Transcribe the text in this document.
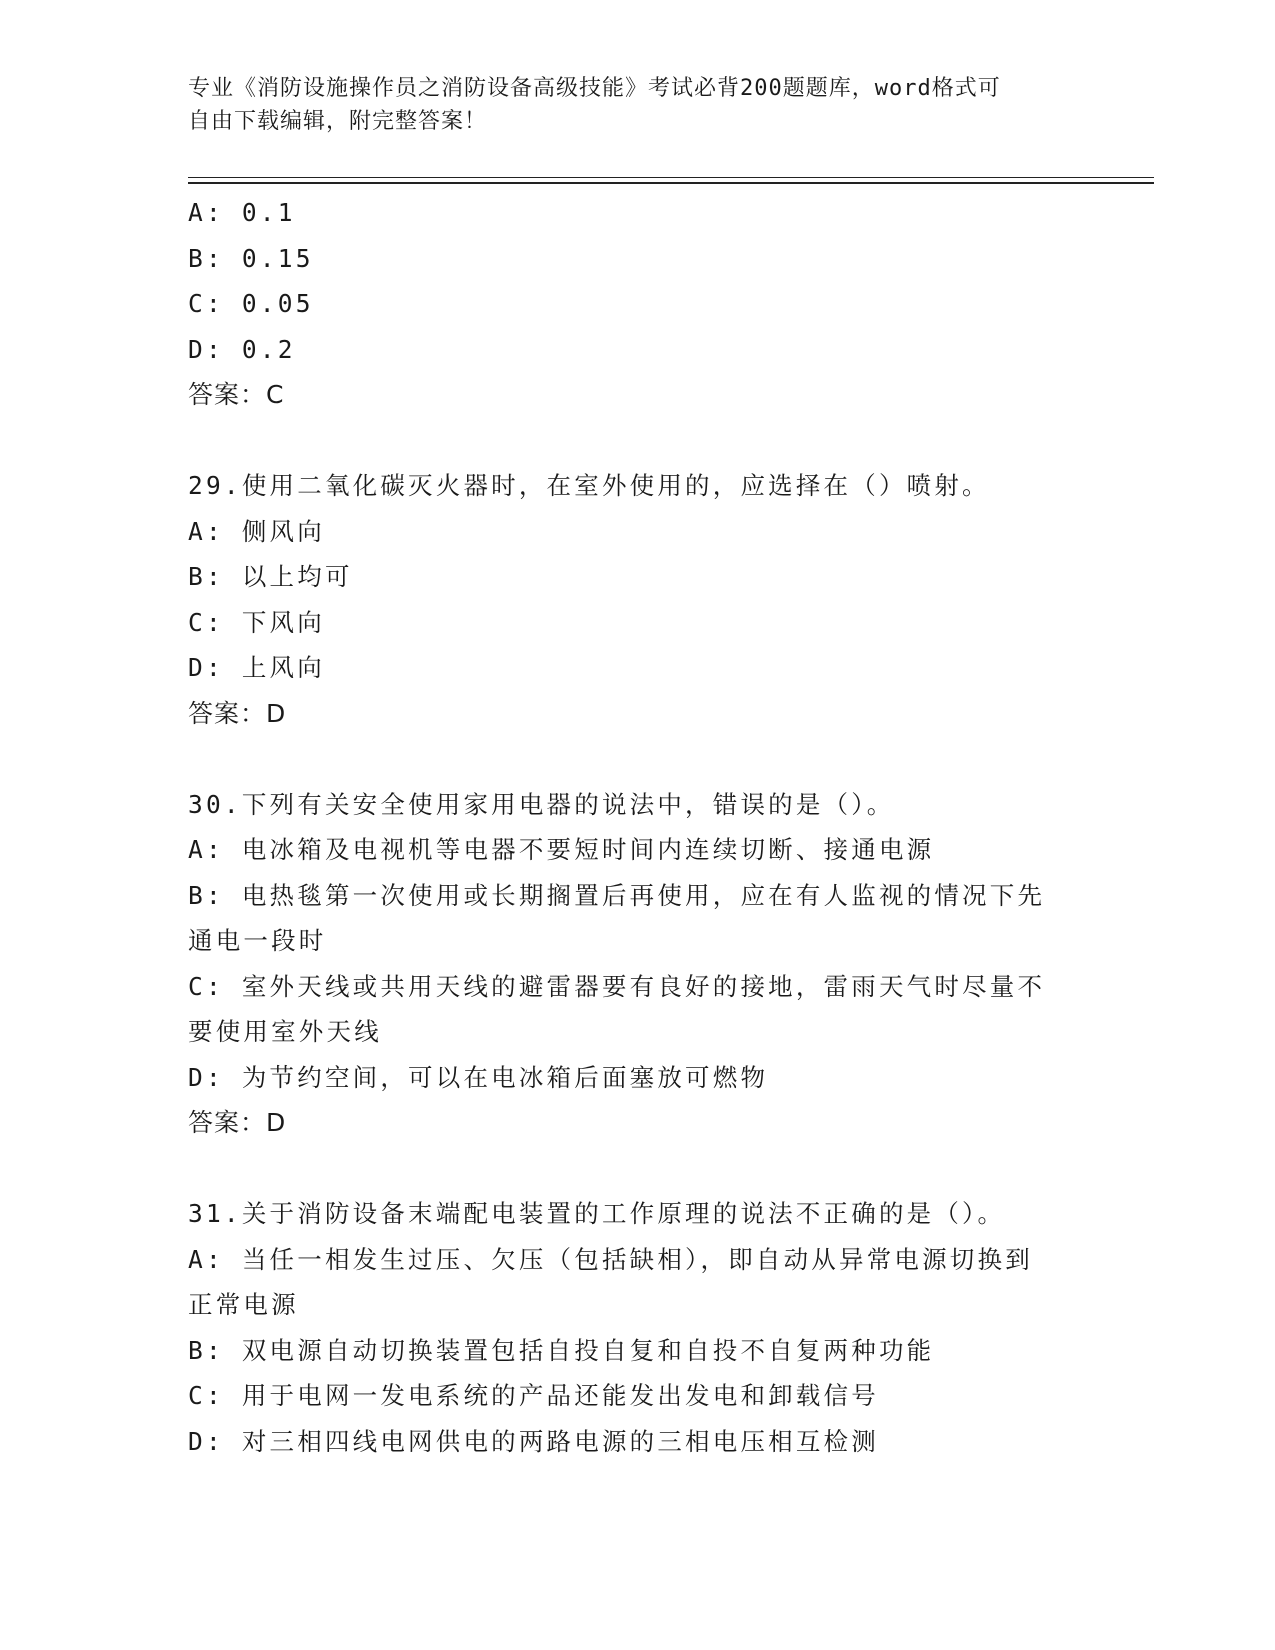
专业《消防设施操作员之消防设备高级技能》考试必背200题题库，word格式可
自由下载编辑，附完整答案！
A: 0.1
B: 0.15
C: 0.05
D: 0.2
答案：C
29.使用二氧化碳灭火器时，在室外使用的，应选择在（）喷射。
A: 侧风向
B: 以上均可
C: 下风向
D: 上风向
答案：D
30.下列有关安全使用家用电器的说法中，错误的是（）。
A: 电冰箱及电视机等电器不要短时间内连续切断、接通电源
B: 电热毯第一次使用或长期搁置后再使用，应在有人监视的情况下先
通电一段时
C: 室外天线或共用天线的避雷器要有良好的接地，雷雨天气时尽量不
要使用室外天线
D: 为节约空间，可以在电冰箱后面塞放可燃物
答案：D
31.关于消防设备末端配电装置的工作原理的说法不正确的是（）。
A: 当任一相发生过压、欠压（包括缺相），即自动从异常电源切换到
正常电源
B: 双电源自动切换装置包括自投自复和自投不自复两种功能
C: 用于电网一发电系统的产品还能发出发电和卸载信号
D: 对三相四线电网供电的两路电源的三相电压相互检测
